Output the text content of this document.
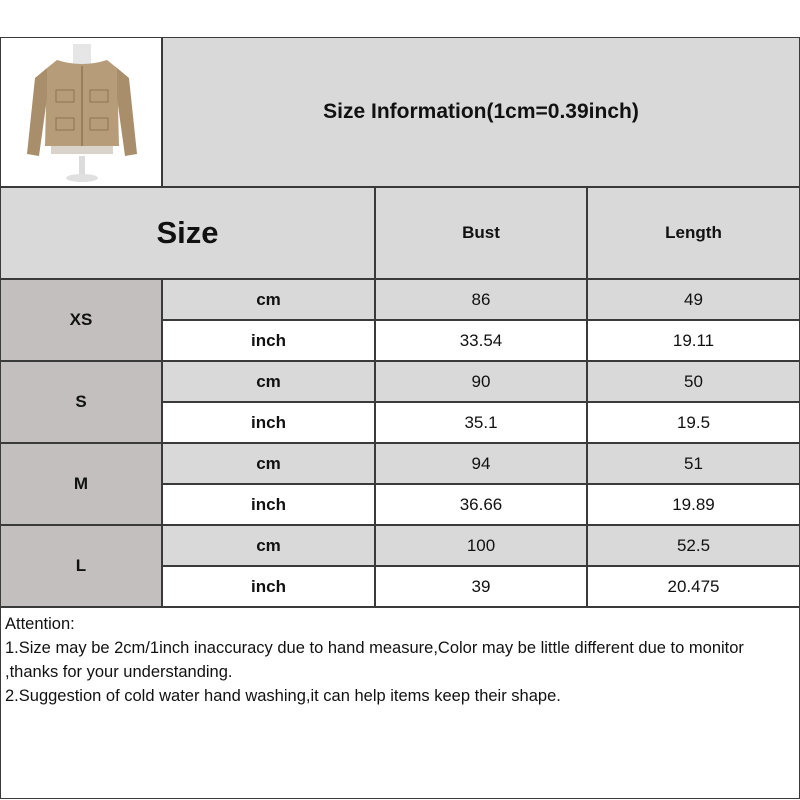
Size Information(1cm=0.39inch)
Size	Bust	Length
XS
cm	86	49
inch	33.54	19.11
S
cm	90	50
inch	35.1	19.5
M
cm	94	51
inch	36.66	19.89
L
cm	100	52.5
inch	39	20.475
Attention:
1.Size may be 2cm/1inch inaccuracy due to hand measure,Color may be little different due to monitor ,thanks for your understanding.
2.Suggestion of cold water hand washing,it can help items keep their shape.
